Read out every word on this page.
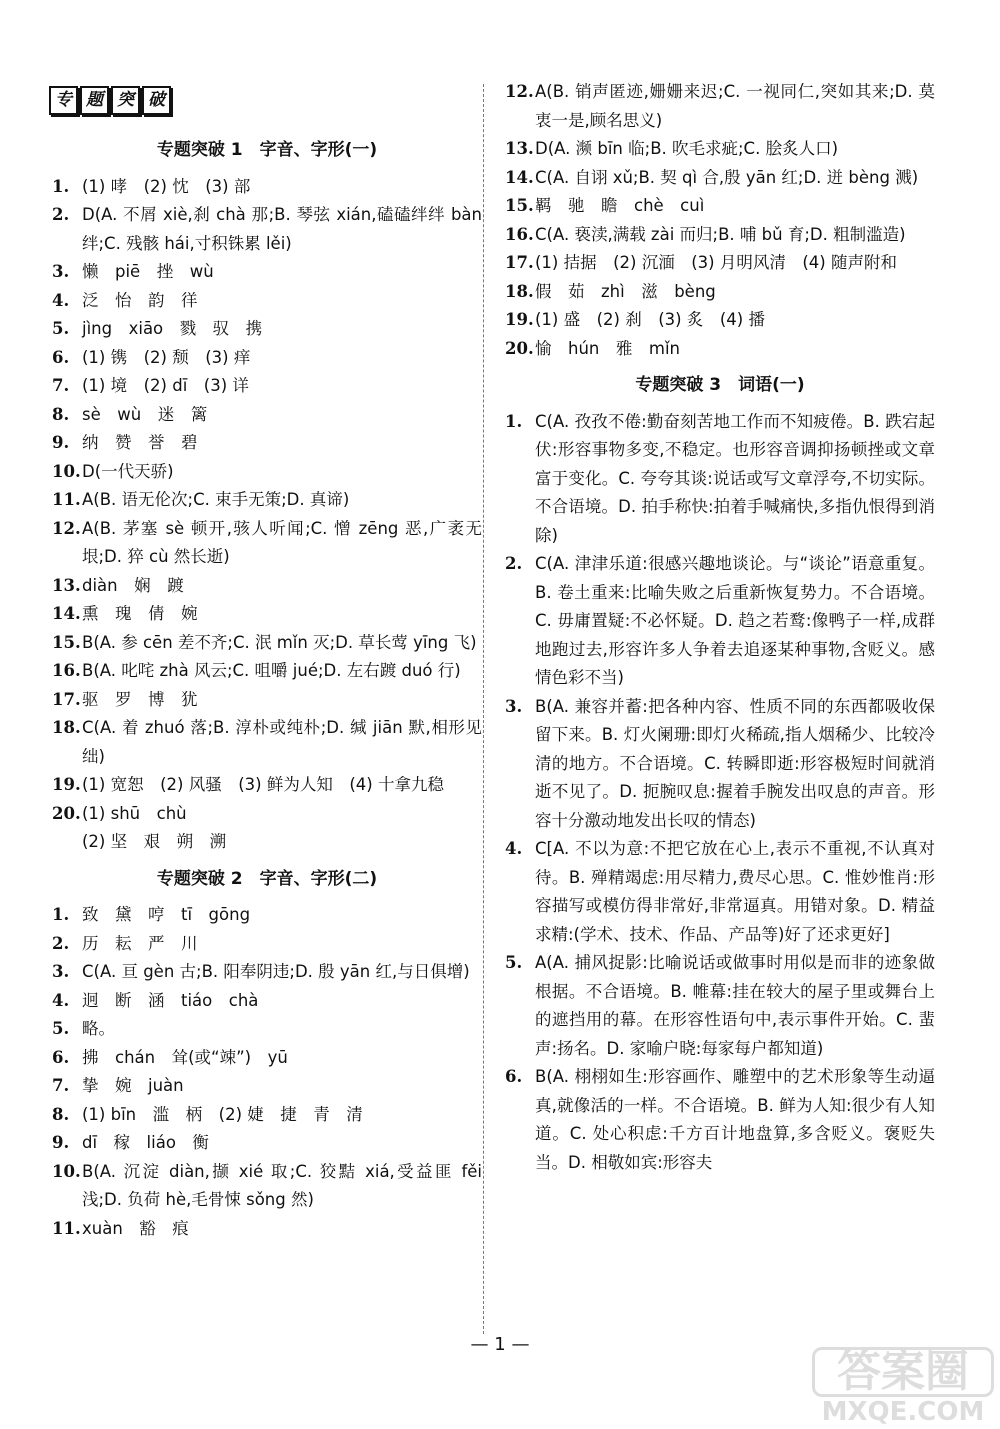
专 题 突 破
专题突破 1　字音、字形(一)
1. (1) 哮　(2) 忱　(3) 部
2. D(A. 不屑 xiè,刹 chà 那;B. 琴弦 xián,磕磕绊绊 bàn 绊;C. 残骸 hái,寸积铢累 lěi)
3. 懒　piē　挫　wù
4. 泛　怡　韵　徉
5. jìng　xiāo　戮　驭　携
6. (1) 镌　(2) 颓　(3) 痒
7. (1) 境　(2) dī　(3) 详
8. sè　wù　迷　篱
9. 纳　赞　誉　碧
10. D(一代天骄)
11. A(B. 语无伦次;C. 束手无策;D. 真谛)
12. A(B. 茅塞 sè 顿开,骇人听闻;C. 憎 zēng 恶,广袤无垠;D. 猝 cù 然长逝)
13. diàn　娴　踱
14. 熏　瑰　倩　婉
15. B(A. 参 cēn 差不齐;C. 泯 mǐn 灭;D. 草长莺 yīng 飞)
16. B(A. 叱咤 zhà 风云;C. 咀嚼 jué;D. 左右踱 duó 行)
17. 驱　罗　博　犹
18. C(A. 着 zhuó 落;B. 淳朴或纯朴;D. 缄 jiān 默,相形见绌)
19. (1) 宽恕　(2) 风骚　(3) 鲜为人知　(4) 十拿九稳
20. (1) shū　chù
(2) 坚　艰　朔　溯
专题突破 2　字音、字形(二)
1. 致　黛　哼　tī　gōng
2. 历　耘　严　川
3. C(A. 亘 gèn 古;B. 阳奉阴违;D. 殷 yān 红,与日俱增)
4. 迥　断　涵　tiáo　chà
5. 略。
6. 拂　chán　耸(或“竦”)　yū
7. 挚　婉　juàn
8. (1) bīn　滥　柄　(2) 婕　捷　青　清
9. dī　稼　liáo　衡
10. B(A. 沉淀 diàn,撷 xié 取;C. 狡黠 xiá,受益匪 fěi 浅;D. 负荷 hè,毛骨悚 sǒng 然)
11. xuàn　豁　痕
12. A(B. 销声匿迹,姗姗来迟;C. 一视同仁,突如其来;D. 莫衷一是,顾名思义)
13. D(A. 濒 bīn 临;B. 吹毛求疵;C. 脍炙人口)
14. C(A. 自诩 xǔ;B. 契 qì 合,殷 yān 红;D. 迸 bèng 溅)
15. 羁　驰　瞻　chè　cuì
16. C(A. 亵渎,满载 zài 而归;B. 哺 bǔ 育;D. 粗制滥造)
17. (1) 拮据　(2) 沉湎　(3) 月明风清　(4) 随声附和
18. 假　茹　zhì　滋　bèng
19. (1) 盛　(2) 刹　(3) 炙　(4) 播
20. 愉　hún　雅　mǐn
专题突破 3　词语(一)
1. C(A. 孜孜不倦:勤奋刻苦地工作而不知疲倦。B. 跌宕起伏:形容事物多变,不稳定。也形容音调抑扬顿挫或文章富于变化。C. 夸夸其谈:说话或写文章浮夸,不切实际。不合语境。D. 拍手称快:拍着手喊痛快,多指仇恨得到消除)
2. C(A. 津津乐道:很感兴趣地谈论。与“谈论”语意重复。B. 卷土重来:比喻失败之后重新恢复势力。不合语境。C. 毋庸置疑:不必怀疑。D. 趋之若鹜:像鸭子一样,成群地跑过去,形容许多人争着去追逐某种事物,含贬义。感情色彩不当)
3. B(A. 兼容并蓄:把各种内容、性质不同的东西都吸收保留下来。B. 灯火阑珊:即灯火稀疏,指人烟稀少、比较冷清的地方。不合语境。C. 转瞬即逝:形容极短时间就消逝不见了。D. 扼腕叹息:握着手腕发出叹息的声音。形容十分激动地发出长叹的情态)
4. C[A. 不以为意:不把它放在心上,表示不重视,不认真对待。B. 殚精竭虑:用尽精力,费尽心思。C. 惟妙惟肖:形容描写或模仿得非常好,非常逼真。用错对象。D. 精益求精:(学术、技术、作品、产品等)好了还求更好]
5. A(A. 捕风捉影:比喻说话或做事时用似是而非的迹象做根据。不合语境。B. 帷幕:挂在较大的屋子里或舞台上的遮挡用的幕。在形容性语句中,表示事件开始。C. 蜚声:扬名。D. 家喻户晓:每家每户都知道)
6. B(A. 栩栩如生:形容画作、雕塑中的艺术形象等生动逼真,就像活的一样。不合语境。B. 鲜为人知:很少有人知道。C. 处心积虑:千方百计地盘算,多含贬义。褒贬失当。D. 相敬如宾:形容夫
— 1 —
答案圈
MXQE.COM
